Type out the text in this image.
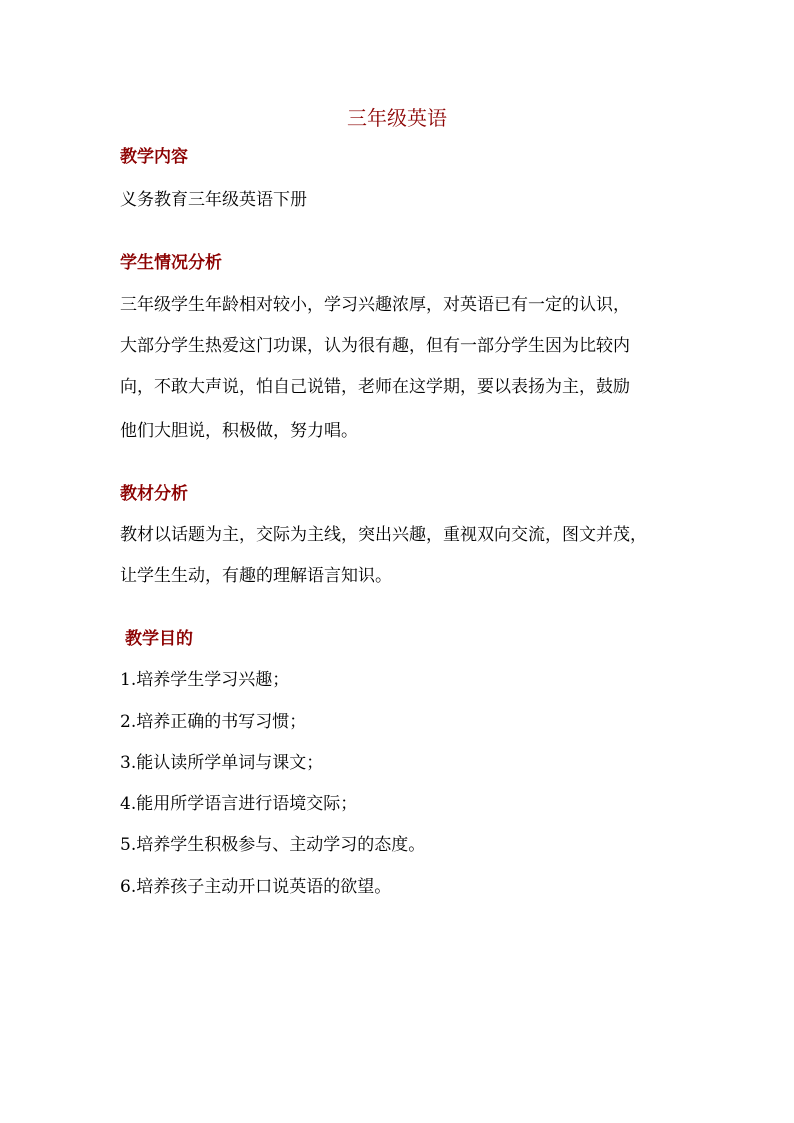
三年级英语
教学内容
义务教育三年级英语下册
学生情况分析
三年级学生年龄相对较小，学习兴趣浓厚，对英语已有一定的认识，
大部分学生热爱这门功课，认为很有趣，但有一部分学生因为比较内
向，不敢大声说，怕自己说错，老师在这学期，要以表扬为主，鼓励
他们大胆说，积极做，努力唱。
教材分析
教材以话题为主，交际为主线，突出兴趣，重视双向交流，图文并茂，
让学生生动，有趣的理解语言知识。
教学目的
1.培养学生学习兴趣；
2.培养正确的书写习惯；
3.能认读所学单词与课文；
4.能用所学语言进行语境交际；
5.培养学生积极参与、主动学习的态度。
6.培养孩子主动开口说英语的欲望。
